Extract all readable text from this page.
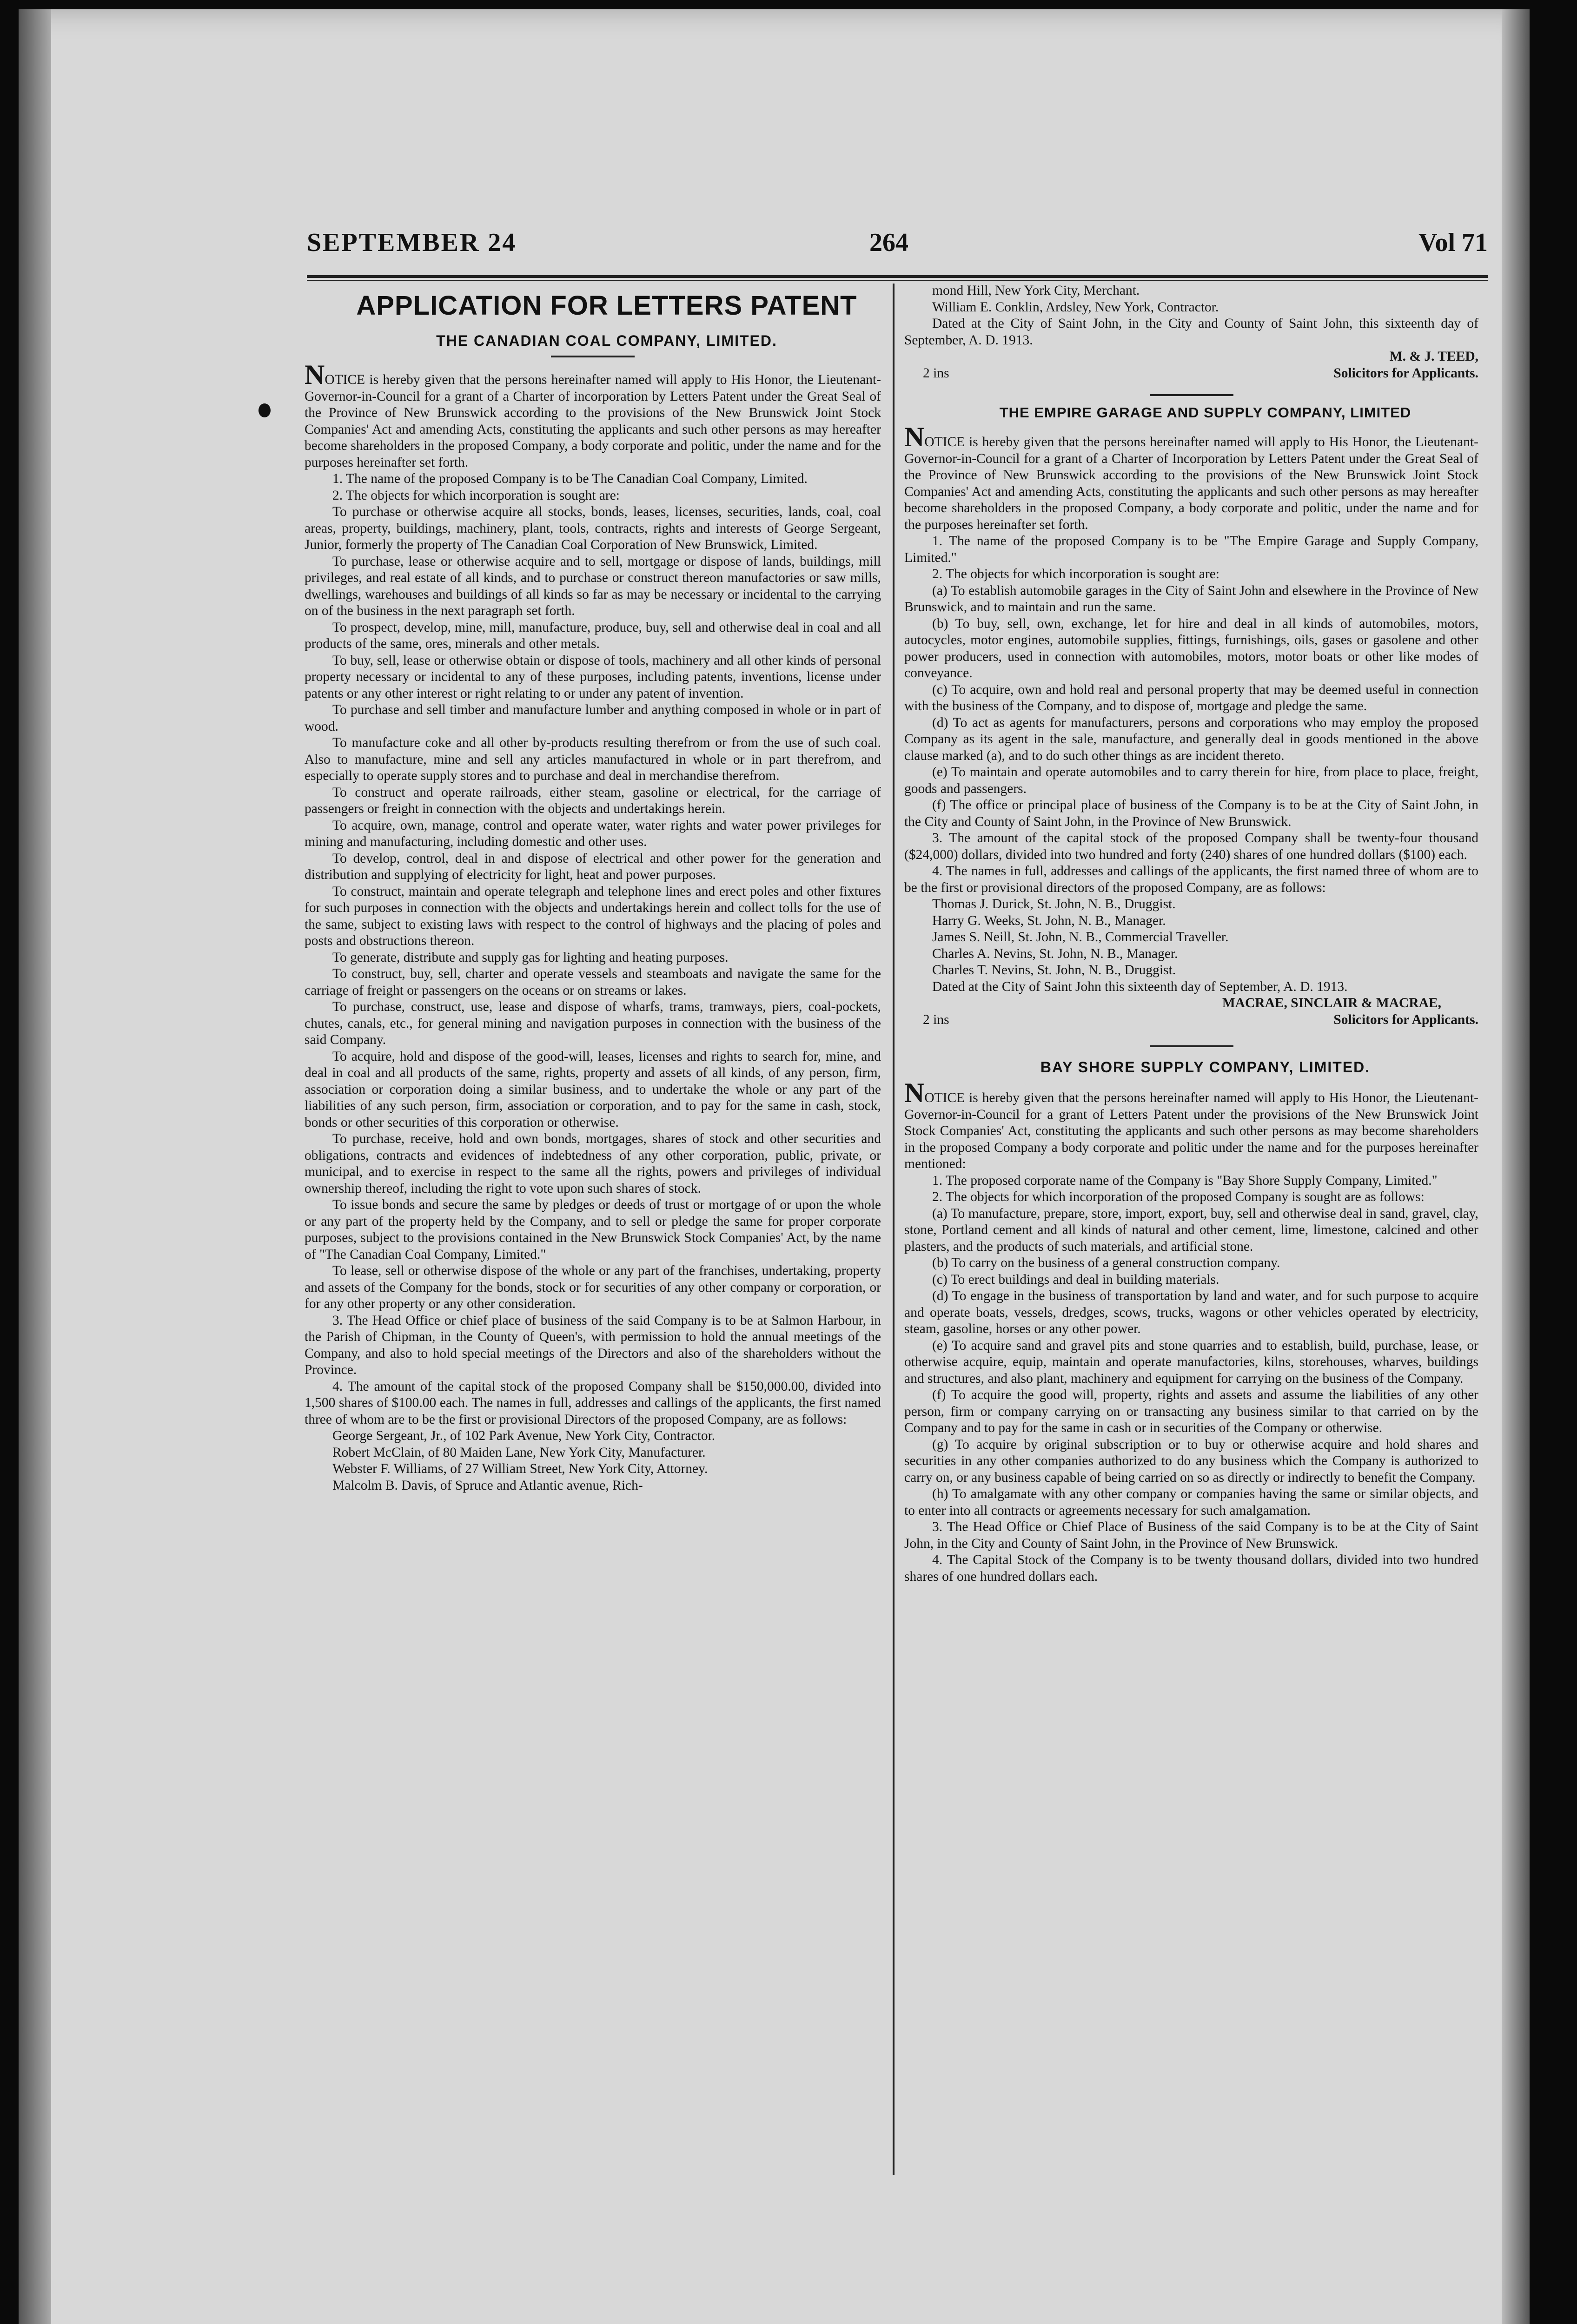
SEPTEMBER 24	264	Vol 71

APPLICATION FOR LETTERS PATENT

THE CANADIAN COAL COMPANY, LIMITED.

NOTICE is hereby given that the persons hereinafter named will apply to His Honor, the Lieutenant-Governor-in-Council for a grant of a Charter of incorporation by Letters Patent under the Great Seal of the Province of New Brunswick according to the provisions of the New Brunswick Joint Stock Companies' Act and amending Acts, constituting the applicants and such other persons as may hereafter become shareholders in the proposed Company, a body corporate and politic, under the name and for the purposes hereinafter set forth.

1. The name of the proposed Company is to be The Canadian Coal Company, Limited.

2. The objects for which incorporation is sought are:

To purchase or otherwise acquire all stocks, bonds, leases, licenses, securities, lands, coal, coal areas, property, buildings, machinery, plant, tools, contracts, rights and interests of George Sergeant, Junior, formerly the property of The Canadian Coal Corporation of New Brunswick, Limited.

To purchase, lease or otherwise acquire and to sell, mortgage or dispose of lands, buildings, mill privileges, and real estate of all kinds, and to purchase or construct thereon manufactories or saw mills, dwellings, warehouses and buildings of all kinds so far as may be necessary or incidental to the carrying on of the business in the next paragraph set forth.

To prospect, develop, mine, mill, manufacture, produce, buy, sell and otherwise deal in coal and all products of the same, ores, minerals and other metals.

To buy, sell, lease or otherwise obtain or dispose of tools, machinery and all other kinds of personal property necessary or incidental to any of these purposes, including patents, inventions, license under patents or any other interest or right relating to or under any patent of invention.

To purchase and sell timber and manufacture lumber and anything composed in whole or in part of wood.

To manufacture coke and all other by-products resulting therefrom or from the use of such coal. Also to manufacture, mine and sell any articles manufactured in whole or in part therefrom, and especially to operate supply stores and to purchase and deal in merchandise therefrom.

To construct and operate railroads, either steam, gasoline or electrical, for the carriage of passengers or freight in connection with the objects and undertakings herein.

To acquire, own, manage, control and operate water, water rights and water power privileges for mining and manufacturing, including domestic and other uses.

To develop, control, deal in and dispose of electrical and other power for the generation and distribution and supplying of electricity for light, heat and power purposes.

To construct, maintain and operate telegraph and telephone lines and erect poles and other fixtures for such purposes in connection with the objects and undertakings herein and collect tolls for the use of the same, subject to existing laws with respect to the control of highways and the placing of poles and posts and obstructions thereon.

To generate, distribute and supply gas for lighting and heating purposes.

To construct, buy, sell, charter and operate vessels and steamboats and navigate the same for the carriage of freight or passengers on the oceans or on streams or lakes.

To purchase, construct, use, lease and dispose of wharfs, trams, tramways, piers, coal-pockets, chutes, canals, etc., for general mining and navigation purposes in connection with the business of the said Company.

To acquire, hold and dispose of the good-will, leases, licenses and rights to search for, mine, and deal in coal and all products of the same, rights, property and assets of all kinds, of any person, firm, association or corporation doing a similar business, and to undertake the whole or any part of the liabilities of any such person, firm, association or corporation, and to pay for the same in cash, stock, bonds or other securities of this corporation or otherwise.

To purchase, receive, hold and own bonds, mortgages, shares of stock and other securities and obligations, contracts and evidences of indebtedness of any other corporation, public, private, or municipal, and to exercise in respect to the same all the rights, powers and privileges of individual ownership thereof, including the right to vote upon such shares of stock.

To issue bonds and secure the same by pledges or deeds of trust or mortgage of or upon the whole or any part of the property held by the Company, and to sell or pledge the same for proper corporate purposes, subject to the provisions contained in the New Brunswick Stock Companies' Act, by the name of "The Canadian Coal Company, Limited."

To lease, sell or otherwise dispose of the whole or any part of the franchises, undertaking, property and assets of the Company for the bonds, stock or for securities of any other company or corporation, or for any other property or any other consideration.

3. The Head Office or chief place of business of the said Company is to be at Salmon Harbour, in the Parish of Chipman, in the County of Queen's, with permission to hold the annual meetings of the Company, and also to hold special meetings of the Directors and also of the shareholders without the Province.

4. The amount of the capital stock of the proposed Company shall be $150,000.00, divided into 1,500 shares of $100.00 each. The names in full, addresses and callings of the applicants, the first named three of whom are to be the first or provisional Directors of the proposed Company, are as follows:

George Sergeant, Jr., of 102 Park Avenue, New York City, Contractor.

Robert McClain, of 80 Maiden Lane, New York City, Manufacturer.

Webster F. Williams, of 27 William Street, New York City, Attorney.

Malcolm B. Davis, of Spruce and Atlantic avenue, Rich-

mond Hill, New York City, Merchant.

William E. Conklin, Ardsley, New York, Contractor.

Dated at the City of Saint John, in the City and County of Saint John, this sixteenth day of September, A. D. 1913.

M. & J. TEED,

2 ins	Solicitors for Applicants.

THE EMPIRE GARAGE AND SUPPLY COMPANY, LIMITED

NOTICE is hereby given that the persons hereinafter named will apply to His Honor, the Lieutenant-Governor-in-Council for a grant of a Charter of Incorporation by Letters Patent under the Great Seal of the Province of New Brunswick according to the provisions of the New Brunswick Joint Stock Companies' Act and amending Acts, constituting the applicants and such other persons as may hereafter become shareholders in the proposed Company, a body corporate and politic, under the name and for the purposes hereinafter set forth.

1. The name of the proposed Company is to be "The Empire Garage and Supply Company, Limited."

2. The objects for which incorporation is sought are:

(a) To establish automobile garages in the City of Saint John and elsewhere in the Province of New Brunswick, and to maintain and run the same.

(b) To buy, sell, own, exchange, let for hire and deal in all kinds of automobiles, motors, autocycles, motor engines, automobile supplies, fittings, furnishings, oils, gases or gasolene and other power producers, used in connection with automobiles, motors, motor boats or other like modes of conveyance.

(c) To acquire, own and hold real and personal property that may be deemed useful in connection with the business of the Company, and to dispose of, mortgage and pledge the same.

(d) To act as agents for manufacturers, persons and corporations who may employ the proposed Company as its agent in the sale, manufacture, and generally deal in goods mentioned in the above clause marked (a), and to do such other things as are incident thereto.

(e) To maintain and operate automobiles and to carry therein for hire, from place to place, freight, goods and passengers.

(f) The office or principal place of business of the Company is to be at the City of Saint John, in the City and County of Saint John, in the Province of New Brunswick.

3. The amount of the capital stock of the proposed Company shall be twenty-four thousand ($24,000) dollars, divided into two hundred and forty (240) shares of one hundred dollars ($100) each.

4. The names in full, addresses and callings of the applicants, the first named three of whom are to be the first or provisional directors of the proposed Company, are as follows:

Thomas J. Durick, St. John, N. B., Druggist.

Harry G. Weeks, St. John, N. B., Manager.

James S. Neill, St. John, N. B., Commercial Traveller.

Charles A. Nevins, St. John, N. B., Manager.

Charles T. Nevins, St. John, N. B., Druggist.

Dated at the City of Saint John this sixteenth day of September, A. D. 1913.

MACRAE, SINCLAIR & MACRAE,

2 ins	Solicitors for Applicants.

BAY SHORE SUPPLY COMPANY, LIMITED.

NOTICE is hereby given that the persons hereinafter named will apply to His Honor, the Lieutenant-Governor-in-Council for a grant of Letters Patent under the provisions of the New Brunswick Joint Stock Companies' Act, constituting the applicants and such other persons as may become shareholders in the proposed Company a body corporate and politic under the name and for the purposes hereinafter mentioned:

1. The proposed corporate name of the Company is "Bay Shore Supply Company, Limited."

2. The objects for which incorporation of the proposed Company is sought are as follows:

(a) To manufacture, prepare, store, import, export, buy, sell and otherwise deal in sand, gravel, clay, stone, Portland cement and all kinds of natural and other cement, lime, limestone, calcined and other plasters, and the products of such materials, and artificial stone.

(b) To carry on the business of a general construction company.

(c) To erect buildings and deal in building materials.

(d) To engage in the business of transportation by land and water, and for such purpose to acquire and operate boats, vessels, dredges, scows, trucks, wagons or other vehicles operated by electricity, steam, gasoline, horses or any other power.

(e) To acquire sand and gravel pits and stone quarries and to establish, build, purchase, lease, or otherwise acquire, equip, maintain and operate manufactories, kilns, storehouses, wharves, buildings and structures, and also plant, machinery and equipment for carrying on the business of the Company.

(f) To acquire the good will, property, rights and assets and assume the liabilities of any other person, firm or company carrying on or transacting any business similar to that carried on by the Company and to pay for the same in cash or in securities of the Company or otherwise.

(g) To acquire by original subscription or to buy or otherwise acquire and hold shares and securities in any other companies authorized to do any business which the Company is authorized to carry on, or any business capable of being carried on so as directly or indirectly to benefit the Company.

(h) To amalgamate with any other company or companies having the same or similar objects, and to enter into all contracts or agreements necessary for such amalgamation.

3. The Head Office or Chief Place of Business of the said Company is to be at the City of Saint John, in the City and County of Saint John, in the Province of New Brunswick.

4. The Capital Stock of the Company is to be twenty thousand dollars, divided into two hundred shares of one hundred dollars each.
